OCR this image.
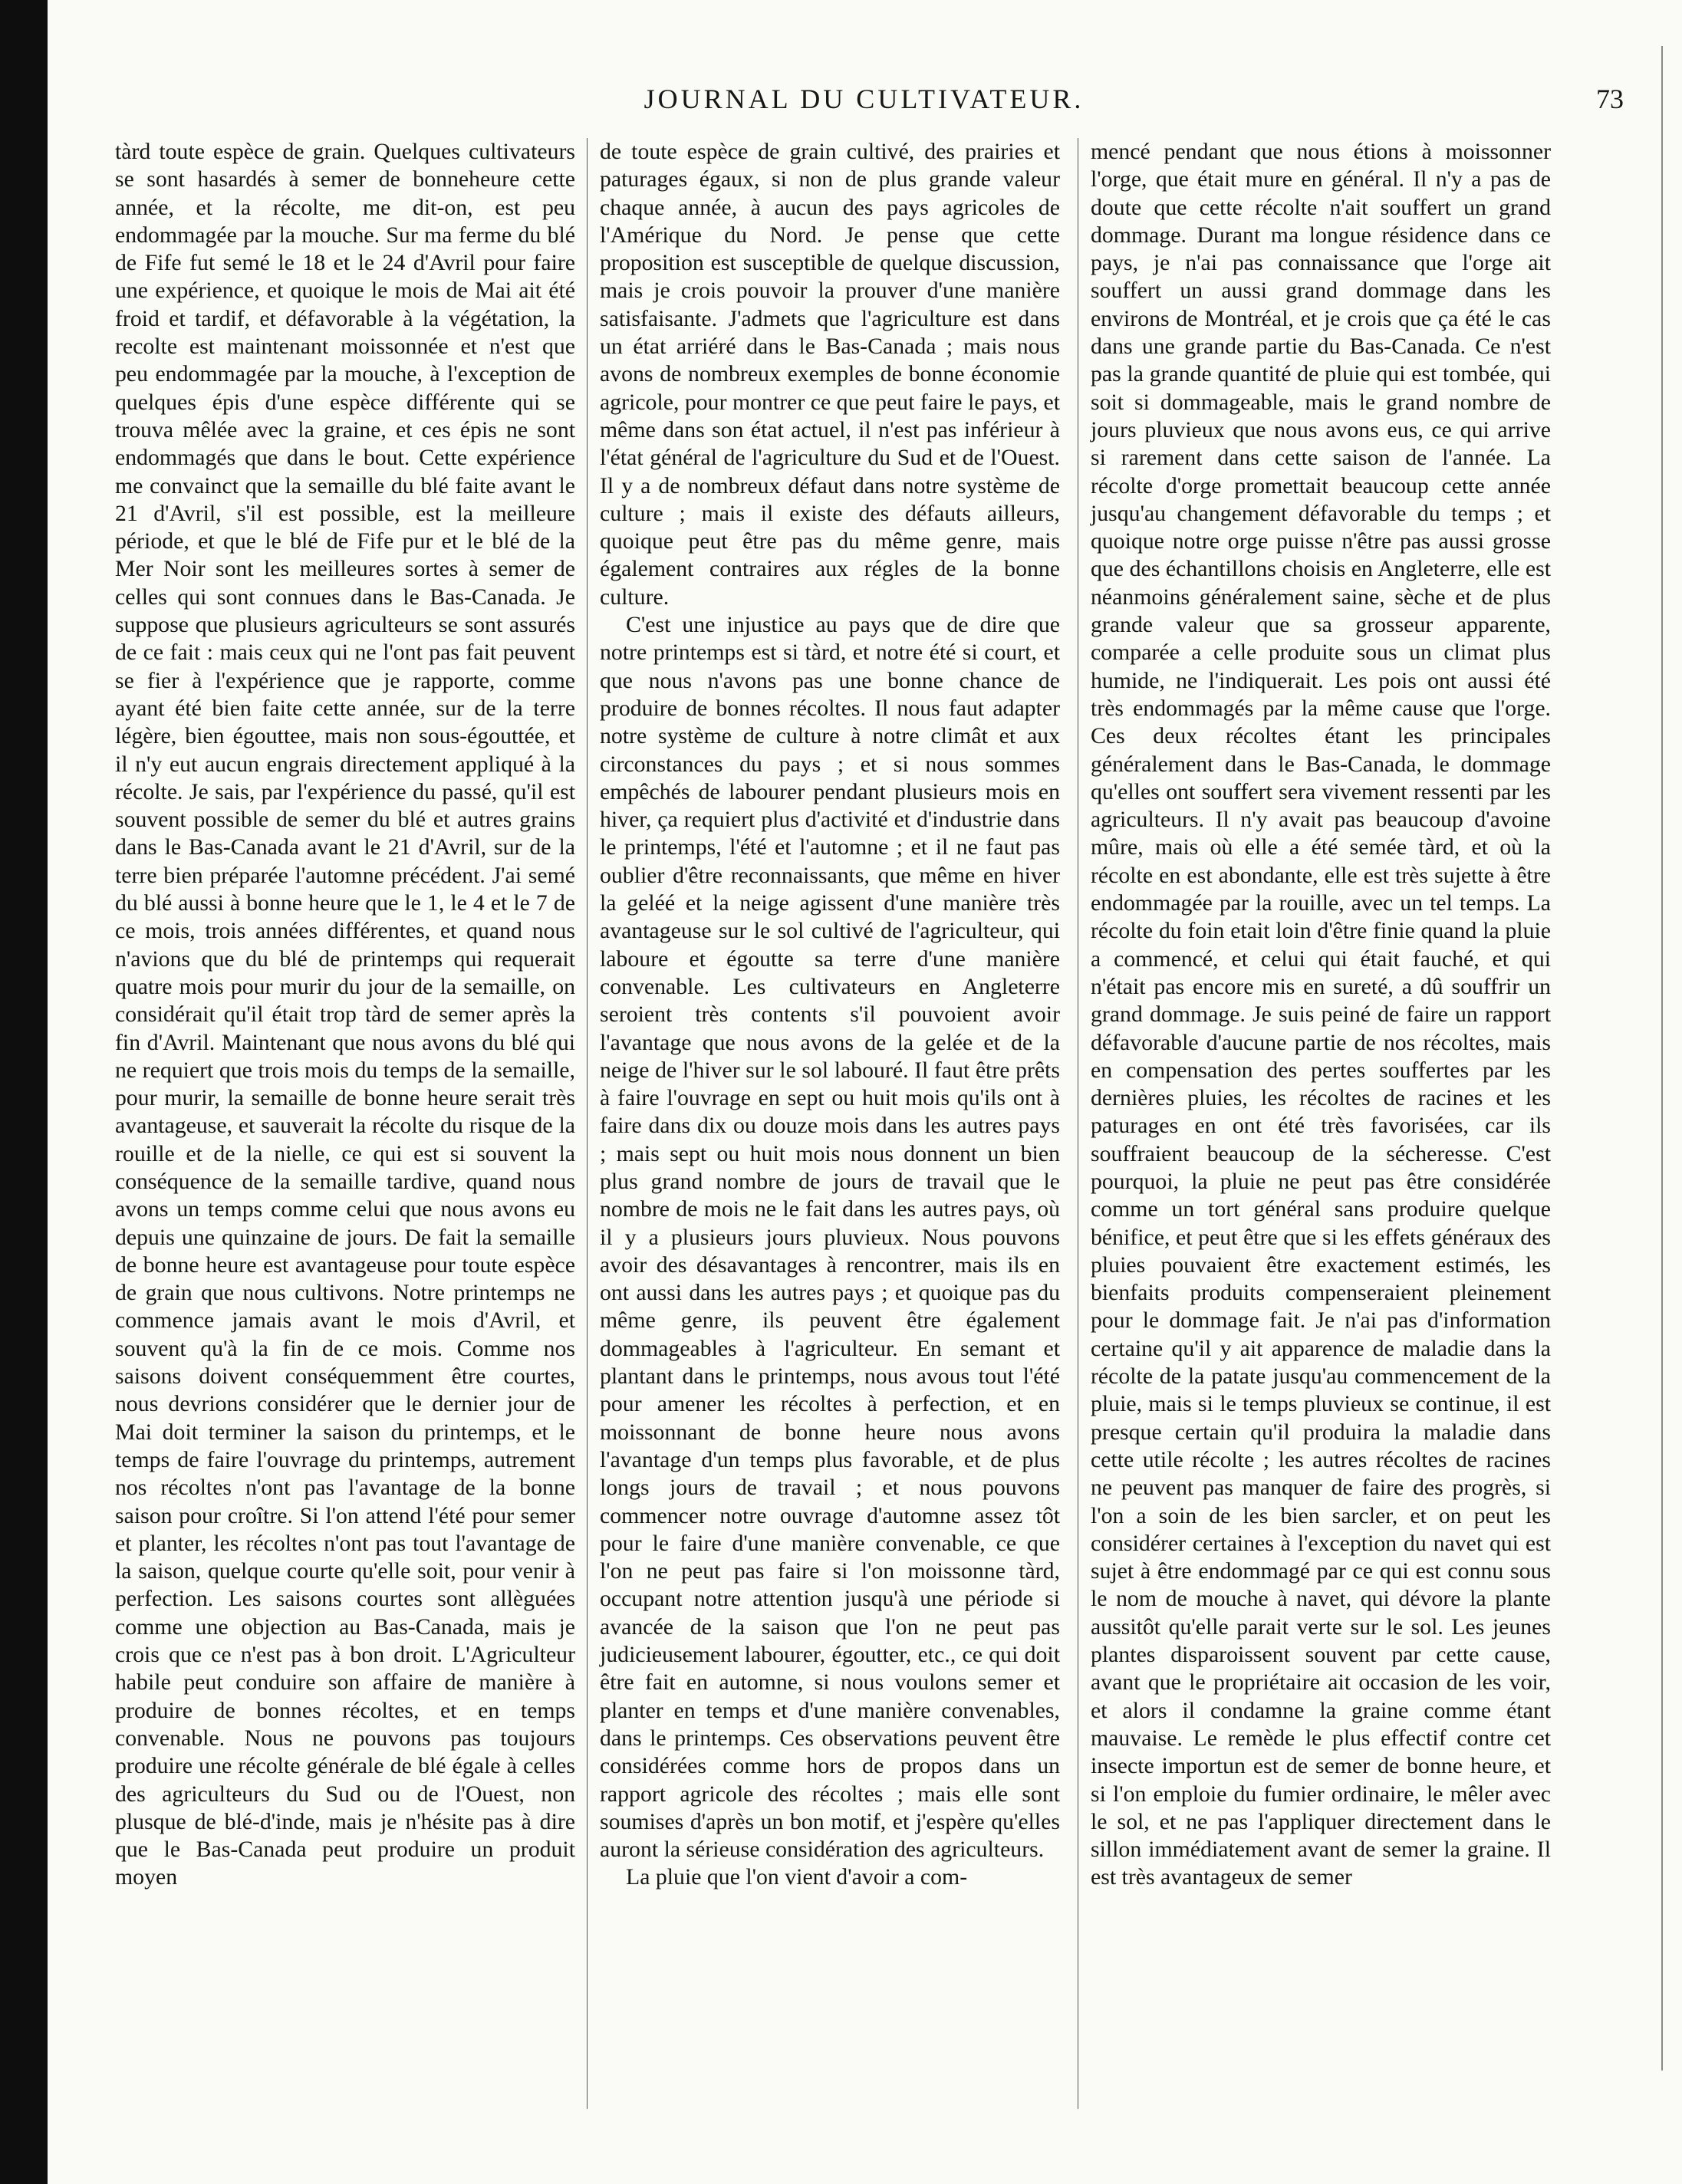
JOURNAL DU CULTIVATEUR.	73

tàrd toute espèce de grain. Quelques cultivateurs se sont hasardés à semer de bonneheure cette année, et la récolte, me dit-on, est peu endommagée par la mouche. Sur ma ferme du blé de Fife fut semé le 18 et le 24 d'Avril pour faire une expérience, et quoique le mois de Mai ait été froid et tardif, et défavorable à la végétation, la recolte est maintenant moissonnée et n'est que peu endommagée par la mouche, à l'exception de quelques épis d'une espèce différente qui se trouva mêlée avec la graine, et ces épis ne sont endommagés que dans le bout. Cette expérience me convainct que la semaille du blé faite avant le 21 d'Avril, s'il est possible, est la meilleure période, et que le blé de Fife pur et le blé de la Mer Noir sont les meilleures sortes à semer de celles qui sont connues dans le Bas-Canada. Je suppose que plusieurs agriculteurs se sont assurés de ce fait : mais ceux qui ne l'ont pas fait peuvent se fier à l'expérience que je rapporte, comme ayant été bien faite cette année, sur de la terre légère, bien égouttee, mais non sous-égouttée, et il n'y eut aucun engrais directement appliqué à la récolte. Je sais, par l'expérience du passé, qu'il est souvent possible de semer du blé et autres grains dans le Bas-Canada avant le 21 d'Avril, sur de la terre bien préparée l'automne précédent. J'ai semé du blé aussi à bonne heure que le 1, le 4 et le 7 de ce mois, trois années différentes, et quand nous n'avions que du blé de printemps qui requerait quatre mois pour murir du jour de la semaille, on considérait qu'il était trop tàrd de semer après la fin d'Avril. Maintenant que nous avons du blé qui ne requiert que trois mois du temps de la semaille, pour murir, la semaille de bonne heure serait très avantageuse, et sauverait la récolte du risque de la rouille et de la nielle, ce qui est si souvent la conséquence de la semaille tardive, quand nous avons un temps comme celui que nous avons eu depuis une quinzaine de jours. De fait la semaille de bonne heure est avantageuse pour toute espèce de grain que nous cultivons. Notre printemps ne commence jamais avant le mois d'Avril, et souvent qu'à la fin de ce mois. Comme nos saisons doivent conséquemment être courtes, nous devrions considérer que le dernier jour de Mai doit terminer la saison du printemps, et le temps de faire l'ouvrage du printemps, autrement nos récoltes n'ont pas l'avantage de la bonne saison pour croître. Si l'on attend l'été pour semer et planter, les récoltes n'ont pas tout l'avantage de la saison, quelque courte qu'elle soit, pour venir à perfection. Les saisons courtes sont allèguées comme une objection au Bas-Canada, mais je crois que ce n'est pas à bon droit. L'Agriculteur habile peut conduire son affaire de manière à produire de bonnes récoltes, et en temps convenable. Nous ne pouvons pas toujours produire une récolte générale de blé égale à celles des agriculteurs du Sud ou de l'Ouest, non plusque de blé-d'inde, mais je n'hésite pas à dire que le Bas-Canada peut produire un produit moyen

de toute espèce de grain cultivé, des prairies et paturages égaux, si non de plus grande valeur chaque année, à aucun des pays agricoles de l'Amérique du Nord. Je pense que cette proposition est susceptible de quelque discussion, mais je crois pouvoir la prouver d'une manière satisfaisante. J'admets que l'agriculture est dans un état arriéré dans le Bas-Canada ; mais nous avons de nombreux exemples de bonne économie agricole, pour montrer ce que peut faire le pays, et même dans son état actuel, il n'est pas inférieur à l'état général de l'agriculture du Sud et de l'Ouest. Il y a de nombreux défaut dans notre système de culture ; mais il existe des défauts ailleurs, quoique peut être pas du même genre, mais également contraires aux régles de la bonne culture.

C'est une injustice au pays que de dire que notre printemps est si tàrd, et notre été si court, et que nous n'avons pas une bonne chance de produire de bonnes récoltes. Il nous faut adapter notre système de culture à notre climât et aux circonstances du pays ; et si nous sommes empêchés de labourer pendant plusieurs mois en hiver, ça requiert plus d'activité et d'industrie dans le printemps, l'été et l'automne ; et il ne faut pas oublier d'être reconnaissants, que même en hiver la geléé et la neige agissent d'une manière très avantageuse sur le sol cultivé de l'agriculteur, qui laboure et égoutte sa terre d'une manière convenable. Les cultivateurs en Angleterre seroient très contents s'il pouvoient avoir l'avantage que nous avons de la gelée et de la neige de l'hiver sur le sol labouré. Il faut être prêts à faire l'ouvrage en sept ou huit mois qu'ils ont à faire dans dix ou douze mois dans les autres pays ; mais sept ou huit mois nous donnent un bien plus grand nombre de jours de travail que le nombre de mois ne le fait dans les autres pays, où il y a plusieurs jours pluvieux. Nous pouvons avoir des désavantages à rencontrer, mais ils en ont aussi dans les autres pays ; et quoique pas du même genre, ils peuvent être également dommageables à l'agriculteur. En semant et plantant dans le printemps, nous avous tout l'été pour amener les récoltes à perfection, et en moissonnant de bonne heure nous avons l'avantage d'un temps plus favorable, et de plus longs jours de travail ; et nous pouvons commencer notre ouvrage d'automne assez tôt pour le faire d'une manière convenable, ce que l'on ne peut pas faire si l'on moissonne tàrd, occupant notre attention jusqu'à une période si avancée de la saison que l'on ne peut pas judicieusement labourer, égoutter, etc., ce qui doit être fait en automne, si nous voulons semer et planter en temps et d'une manière convenables, dans le printemps. Ces observations peuvent être considérées comme hors de propos dans un rapport agricole des récoltes ; mais elle sont soumises d'après un bon motif, et j'espère qu'elles auront la sérieuse considération des agriculteurs.

La pluie que l'on vient d'avoir a com-

mencé pendant que nous étions à moissonner l'orge, que était mure en général. Il n'y a pas de doute que cette récolte n'ait souffert un grand dommage. Durant ma longue résidence dans ce pays, je n'ai pas connaissance que l'orge ait souffert un aussi grand dommage dans les environs de Montréal, et je crois que ça été le cas dans une grande partie du Bas-Canada. Ce n'est pas la grande quantité de pluie qui est tombée, qui soit si dommageable, mais le grand nombre de jours pluvieux que nous avons eus, ce qui arrive si rarement dans cette saison de l'année. La récolte d'orge promettait beaucoup cette année jusqu'au changement défavorable du temps ; et quoique notre orge puisse n'être pas aussi grosse que des échantillons choisis en Angleterre, elle est néanmoins généralement saine, sèche et de plus grande valeur que sa grosseur apparente, comparée a celle produite sous un climat plus humide, ne l'indiquerait. Les pois ont aussi été très endommagés par la même cause que l'orge. Ces deux récoltes étant les principales généralement dans le Bas-Canada, le dommage qu'elles ont souffert sera vivement ressenti par les agriculteurs. Il n'y avait pas beaucoup d'avoine mûre, mais où elle a été semée tàrd, et où la récolte en est abondante, elle est très sujette à être endommagée par la rouille, avec un tel temps. La récolte du foin etait loin d'être finie quand la pluie a commencé, et celui qui était fauché, et qui n'était pas encore mis en sureté, a dû souffrir un grand dommage. Je suis peiné de faire un rapport défavorable d'aucune partie de nos récoltes, mais en compensation des pertes souffertes par les dernières pluies, les récoltes de racines et les paturages en ont été très favorisées, car ils souffraient beaucoup de la sécheresse. C'est pourquoi, la pluie ne peut pas être considérée comme un tort général sans produire quelque bénifice, et peut être que si les effets généraux des pluies pouvaient être exactement estimés, les bienfaits produits compenseraient pleinement pour le dommage fait. Je n'ai pas d'information certaine qu'il y ait apparence de maladie dans la récolte de la patate jusqu'au commencement de la pluie, mais si le temps pluvieux se continue, il est presque certain qu'il produira la maladie dans cette utile récolte ; les autres récoltes de racines ne peuvent pas manquer de faire des progrès, si l'on a soin de les bien sarcler, et on peut les considérer certaines à l'exception du navet qui est sujet à être endommagé par ce qui est connu sous le nom de mouche à navet, qui dévore la plante aussitôt qu'elle parait verte sur le sol. Les jeunes plantes disparoissent souvent par cette cause, avant que le propriétaire ait occasion de les voir, et alors il condamne la graine comme étant mauvaise. Le remède le plus effectif contre cet insecte importun est de semer de bonne heure, et si l'on emploie du fumier ordinaire, le mêler avec le sol, et ne pas l'appliquer directement dans le sillon immédiatement avant de semer la graine. Il est très avantageux de semer
